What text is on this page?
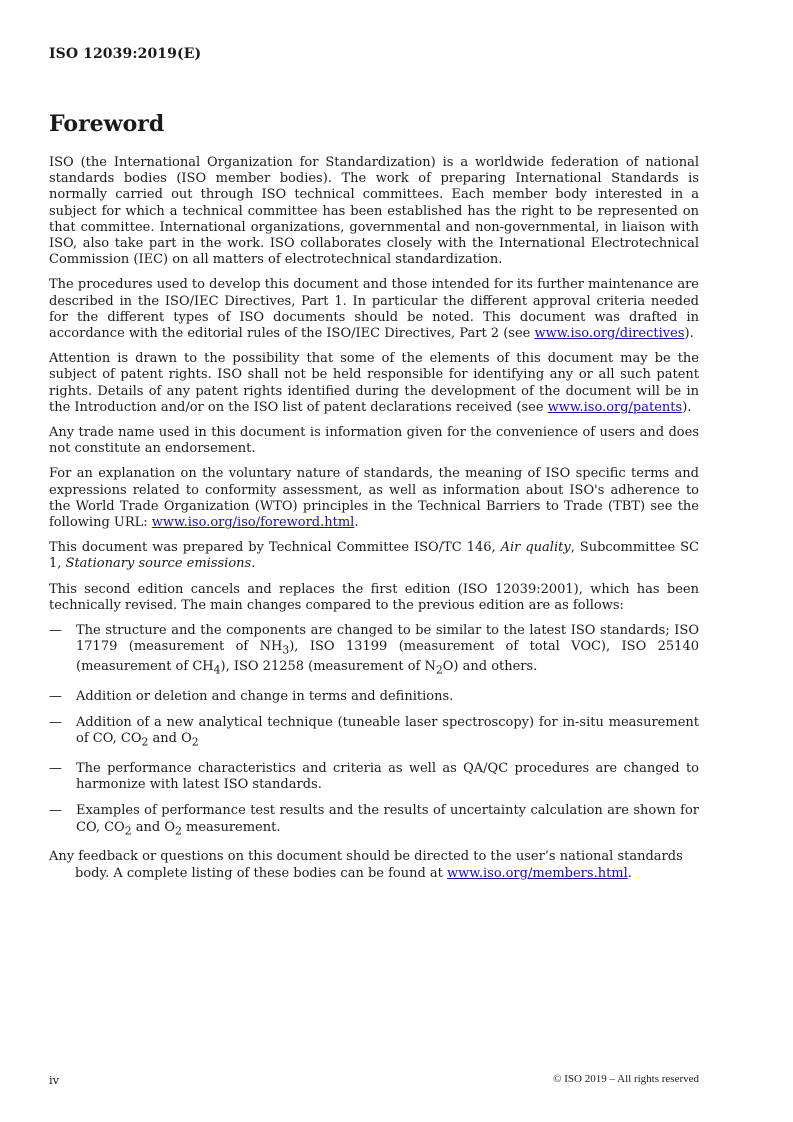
ISO 12039:2019(E)
Foreword

ISO (the International Organization for Standardization) is a worldwide federation of national standards bodies (ISO member bodies). The work of preparing International Standards is normally carried out through ISO technical committees. Each member body interested in a subject for which a technical committee has been established has the right to be represented on that committee. International organizations, governmental and non-governmental, in liaison with ISO, also take part in the work. ISO collaborates closely with the International Electrotechnical Commission (IEC) on all matters of electrotechnical standardization.

The procedures used to develop this document and those intended for its further maintenance are described in the ISO/IEC Directives, Part 1. In particular the different approval criteria needed for the different types of ISO documents should be noted. This document was drafted in accordance with the editorial rules of the ISO/IEC Directives, Part 2 (see www.iso.org/directives).

Attention is drawn to the possibility that some of the elements of this document may be the subject of patent rights. ISO shall not be held responsible for identifying any or all such patent rights. Details of any patent rights identified during the development of the document will be in the Introduction and/or on the ISO list of patent declarations received (see www.iso.org/patents).

Any trade name used in this document is information given for the convenience of users and does not constitute an endorsement.

For an explanation on the voluntary nature of standards, the meaning of ISO specific terms and expressions related to conformity assessment, as well as information about ISO's adherence to the World Trade Organization (WTO) principles in the Technical Barriers to Trade (TBT) see the following URL: www.iso.org/iso/foreword.html.

This document was prepared by Technical Committee ISO/TC 146, Air quality, Subcommittee SC 1, Stationary source emissions.

This second edition cancels and replaces the first edition (ISO 12039:2001), which has been technically revised. The main changes compared to the previous edition are as follows:

— The structure and the components are changed to be similar to the latest ISO standards; ISO 17179 (measurement of $NH_3$), ISO 13199 (measurement of total VOC), ISO 25140 (measurement of $CH_4$), ISO 21258 (measurement of $N_2O$) and others.
— Addition or deletion and change in terms and definitions.
— Addition of a new analytical technique (tuneable laser spectroscopy) for in-situ measurement of CO, $CO_2$ and $O_2$
— The performance characteristics and criteria as well as QA/QC procedures are changed to harmonize with latest ISO standards.
— Examples of performance test results and the results of uncertainty calculation are shown for CO, $CO_2$ and $O_2$ measurement.

Any feedback or questions on this document should be directed to the user’s national standards body. A complete listing of these bodies can be found at www.iso.org/members.html.

iv	© ISO 2019 – All rights reserved
